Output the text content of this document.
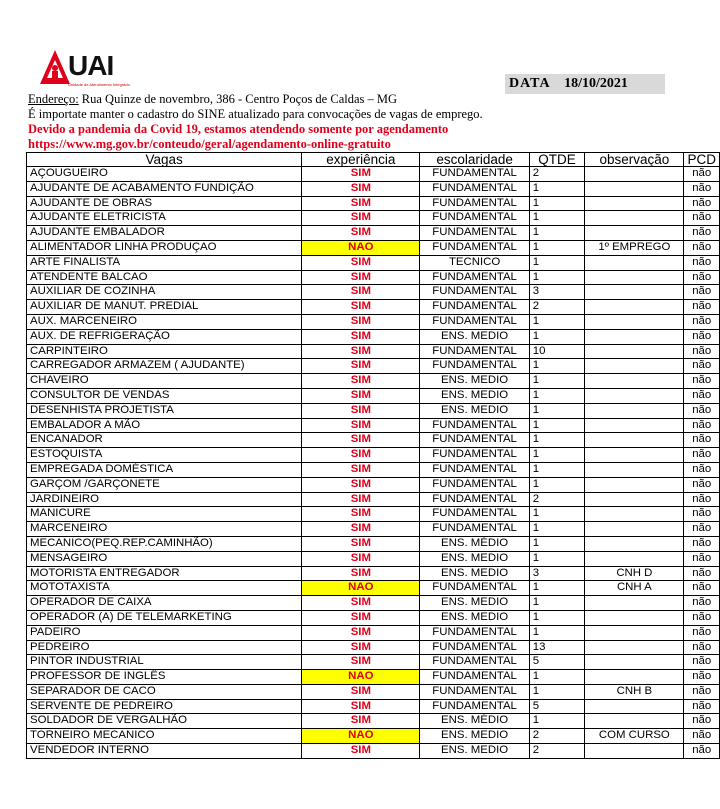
UAI
Unidade de Atendimento Integrado	DATA 18/10/2021
Endereço: Rua Quinze de novembro, 386 - Centro Poços de Caldas – MG
É importate manter o cadastro do SINE atualizado para convocações de vagas de emprego.
Devido a pandemia da Covid 19, estamos atendendo somente por agendamento
https://www.mg.gov.br/conteudo/geral/agendamento-online-gratuito
Vagas	experiência	escolaridade	QTDE	observação	PCD
AÇOUGUEIRO	SIM	FUNDAMENTAL	2		não
AJUDANTE DE ACABAMENTO FUNDIÇÃO	SIM	FUNDAMENTAL	1		não
AJUDANTE DE OBRAS	SIM	FUNDAMENTAL	1		não
AJUDANTE ELETRICISTA	SIM	FUNDAMENTAL	1		não
AJUDANTE EMBALADOR	SIM	FUNDAMENTAL	1		não
ALIMENTADOR LINHA PRODUÇAO	NAO	FUNDAMENTAL	1	1º EMPREGO	não
ARTE FINALISTA	SIM	TECNICO	1		não
ATENDENTE BALCAO	SIM	FUNDAMENTAL	1		não
AUXILIAR DE COZINHA	SIM	FUNDAMENTAL	3		não
AUXILIAR DE MANUT. PREDIAL	SIM	FUNDAMENTAL	2		não
AUX. MARCENEIRO	SIM	FUNDAMENTAL	1		não
AUX. DE REFRIGERAÇÃO	SIM	ENS. MEDIO	1		não
CARPINTEIRO	SIM	FUNDAMENTAL	10		não
CARREGADOR ARMAZEM ( AJUDANTE)	SIM	FUNDAMENTAL	1		não
CHAVEIRO	SIM	ENS. MEDIO	1		não
CONSULTOR DE VENDAS	SIM	ENS. MEDIO	1		não
DESENHISTA PROJETISTA	SIM	ENS. MEDIO	1		não
EMBALADOR A MÃO	SIM	FUNDAMENTAL	1		não
ENCANADOR	SIM	FUNDAMENTAL	1		não
ESTOQUISTA	SIM	FUNDAMENTAL	1		não
EMPREGADA DOMÉSTICA	SIM	FUNDAMENTAL	1		não
GARÇOM /GARÇONETE	SIM	FUNDAMENTAL	1		não
JARDINEIRO	SIM	FUNDAMENTAL	2		não
MANICURE	SIM	FUNDAMENTAL	1		não
MARCENEIRO	SIM	FUNDAMENTAL	1		não
MECANICO(PEQ.REP.CAMINHÃO)	SIM	ENS. MÉDIO	1		não
MENSAGEIRO	SIM	ENS. MEDIO	1		não
MOTORISTA ENTREGADOR	SIM	ENS. MEDIO	3	CNH D	não
MOTOTAXISTA	NAO	FUNDAMENTAL	1	CNH A	não
OPERADOR DE CAIXA	SIM	ENS. MEDIO	1		não
OPERADOR (A) DE TELEMARKETING	SIM	ENS. MEDIO	1		não
PADEIRO	SIM	FUNDAMENTAL	1		não
PEDREIRO	SIM	FUNDAMENTAL	13		não
PINTOR INDUSTRIAL	SIM	FUNDAMENTAL	5		não
PROFESSOR DE INGLÊS	NAO	FUNDAMENTAL	1		não
SEPARADOR DE CACO	SIM	FUNDAMENTAL	1	CNH B	não
SERVENTE DE PEDREIRO	SIM	FUNDAMENTAL	5		não
SOLDADOR DE VERGALHÃO	SIM	ENS. MÉDIO	1		não
TORNEIRO MECANICO	NAO	ENS. MEDIO	2	COM CURSO	não
VENDEDOR INTERNO	SIM	ENS. MEDIO	2		não
